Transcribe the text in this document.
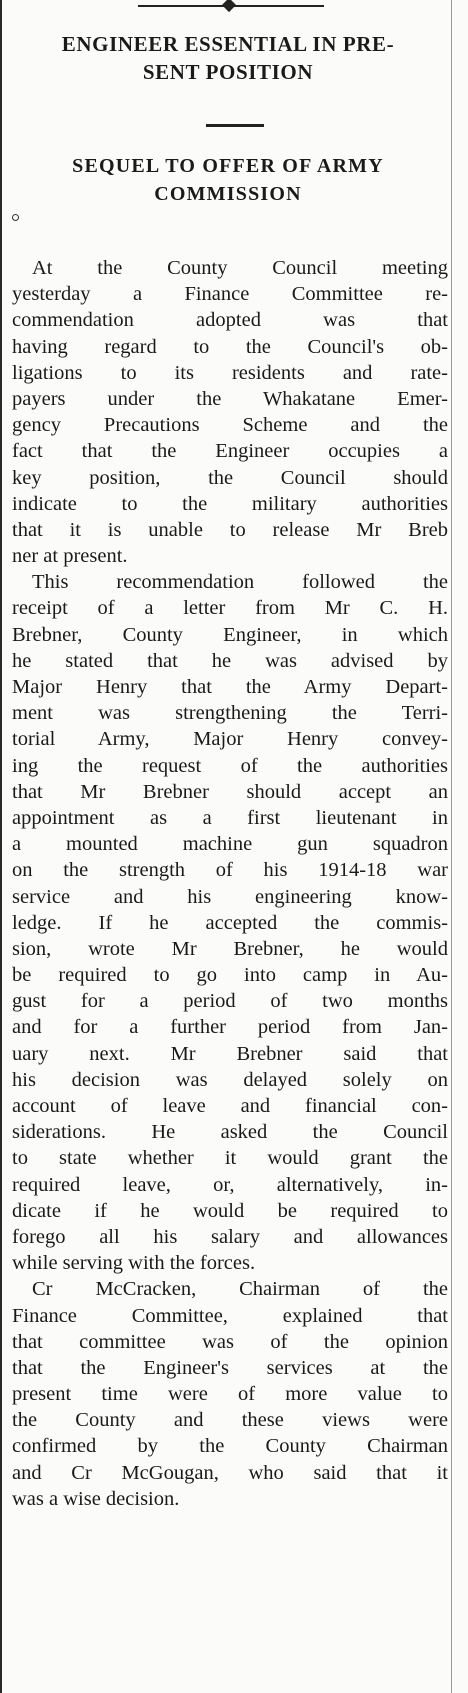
ENGINEER ESSENTIAL IN PRE-
SENT POSITION
SEQUEL TO OFFER OF ARMY
COMMISSION
At the County Council meeting
yesterday a Finance Committee re-
commendation adopted was that
having regard to the Council's ob-
ligations to its residents and rate-
payers under the Whakatane Emer-
gency Precautions Scheme and the
fact that the Engineer occupies a
key position, the Council should
indicate to the military authorities
that it is unable to release Mr Breb
ner at present.
This recommendation followed the
receipt of a letter from Mr C. H.
Brebner, County Engineer, in which
he stated that he was advised by
Major Henry that the Army Depart-
ment was strengthening the Terri-
torial Army, Major Henry convey-
ing the request of the authorities
that Mr Brebner should accept an
appointment as a first lieutenant in
a mounted machine gun squadron
on the strength of his 1914-18 war
service and his engineering know-
ledge. If he accepted the commis-
sion, wrote Mr Brebner, he would
be required to go into camp in Au-
gust for a period of two months
and for a further period from Jan-
uary next. Mr Brebner said that
his decision was delayed solely on
account of leave and financial con-
siderations. He asked the Council
to state whether it would grant the
required leave, or, alternatively, in-
dicate if he would be required to
forego all his salary and allowances
while serving with the forces.
Cr McCracken, Chairman of the
Finance Committee, explained that
that committee was of the opinion
that the Engineer's services at the
present time were of more value to
the County and these views were
confirmed by the County Chairman
and Cr McGougan, who said that it
was a wise decision.
